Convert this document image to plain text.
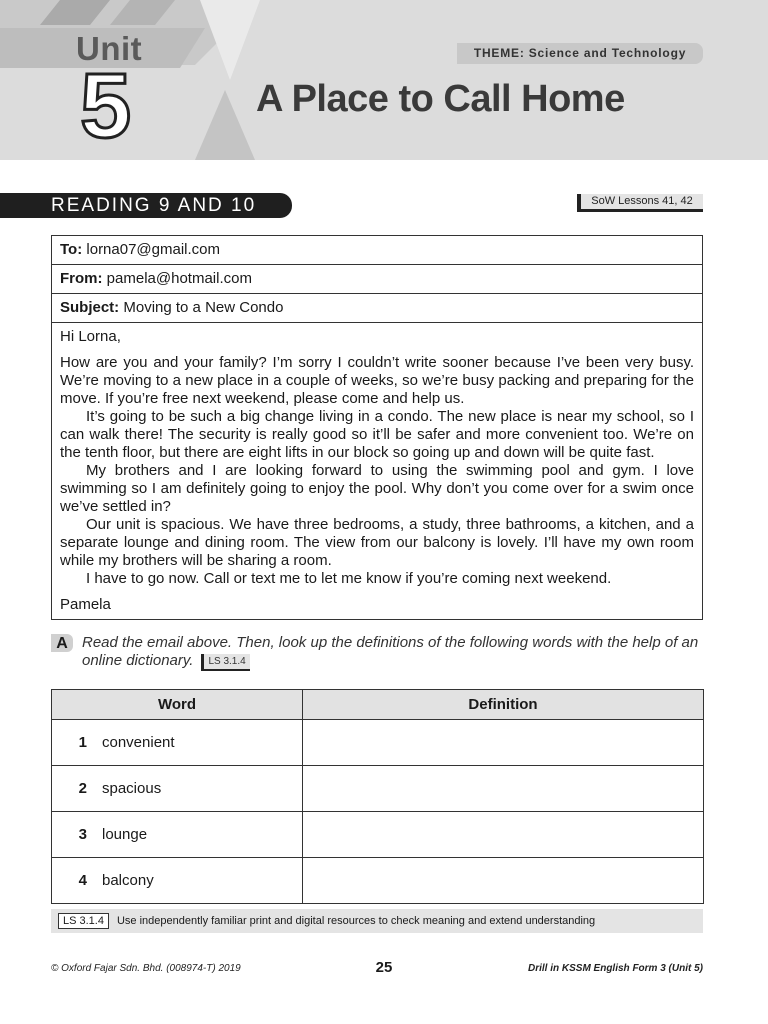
Unit
5
THEME: Science and Technology
A Place to Call Home
READING 9 AND 10	SoW Lessons 41, 42
To: lorna07@gmail.com
From: pamela@hotmail.com
Subject: Moving to a New Condo

Hi Lorna,

How are you and your family? I’m sorry I couldn’t write sooner because I’ve been very busy. We’re moving to a new place in a couple of weeks, so we’re busy packing and preparing for the move. If you’re free next weekend, please come and help us.

It’s going to be such a big change living in a condo. The new place is near my school, so I can walk there! The security is really good so it’ll be safer and more convenient too. We’re on the tenth floor, but there are eight lifts in our block so going up and down will be quite fast.

My brothers and I are looking forward to using the swimming pool and gym. I love swimming so I am definitely going to enjoy the pool. Why don’t you come over for a swim once we’ve settled in?

Our unit is spacious. We have three bedrooms, a study, three bathrooms, a kitchen, and a separate lounge and dining room. The view from our balcony is lovely. I’ll have my own room while my brothers will be sharing a room.

I have to go now. Call or text me to let me know if you’re coming next weekend.

Pamela

A Read the email above. Then, look up the definitions of the following words with the help of an online dictionary. LS 3.1.4
Word	Definition
1 convenient	
2 spacious	
3 lounge	
4 balcony	
LS 3.1.4 Use independently familiar print and digital resources to check meaning and extend understanding
© Oxford Fajar Sdn. Bhd. (008974-T) 2019	25	Drill in KSSM English Form 3 (Unit 5)
